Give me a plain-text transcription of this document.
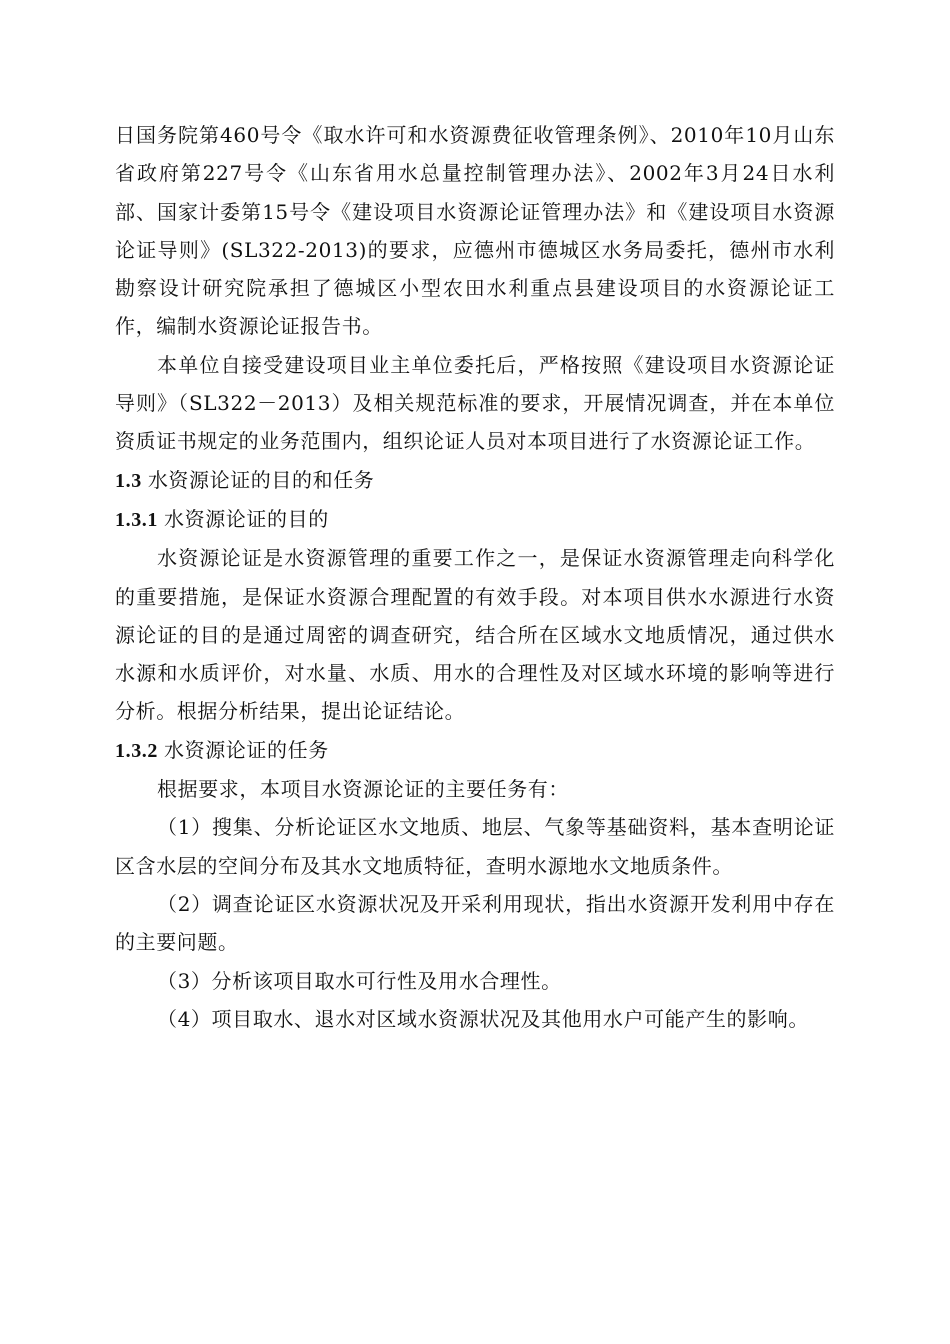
日国务院第460号令《取水许可和水资源费征收管理条例》、2010年10月山东省政府第227号令《山东省用水总量控制管理办法》、2002年3月24日水利部、国家计委第15号令《建设项目水资源论证管理办法》和《建设项目水资源论证导则》(SL322-2013)的要求，应德州市德城区水务局委托，德州市水利勘察设计研究院承担了德城区小型农田水利重点县建设项目的水资源论证工作，编制水资源论证报告书。

本单位自接受建设项目业主单位委托后，严格按照《建设项目水资源论证导则》（SL322－2013）及相关规范标准的要求，开展情况调查，并在本单位资质证书规定的业务范围内，组织论证人员对本项目进行了水资源论证工作。

1.3 水资源论证的目的和任务
1.3.1 水资源论证的目的

水资源论证是水资源管理的重要工作之一，是保证水资源管理走向科学化的重要措施，是保证水资源合理配置的有效手段。对本项目供水水源进行水资源论证的目的是通过周密的调查研究，结合所在区域水文地质情况，通过供水水源和水质评价，对水量、水质、用水的合理性及对区域水环境的影响等进行分析。根据分析结果，提出论证结论。

1.3.2 水资源论证的任务

根据要求，本项目水资源论证的主要任务有：

（1）搜集、分析论证区水文地质、地层、气象等基础资料，基本查明论证区含水层的空间分布及其水文地质特征，查明水源地水文地质条件。

（2）调查论证区水资源状况及开采利用现状，指出水资源开发利用中存在的主要问题。

（3）分析该项目取水可行性及用水合理性。

（4）项目取水、退水对区域水资源状况及其他用水户可能产生的影响。
